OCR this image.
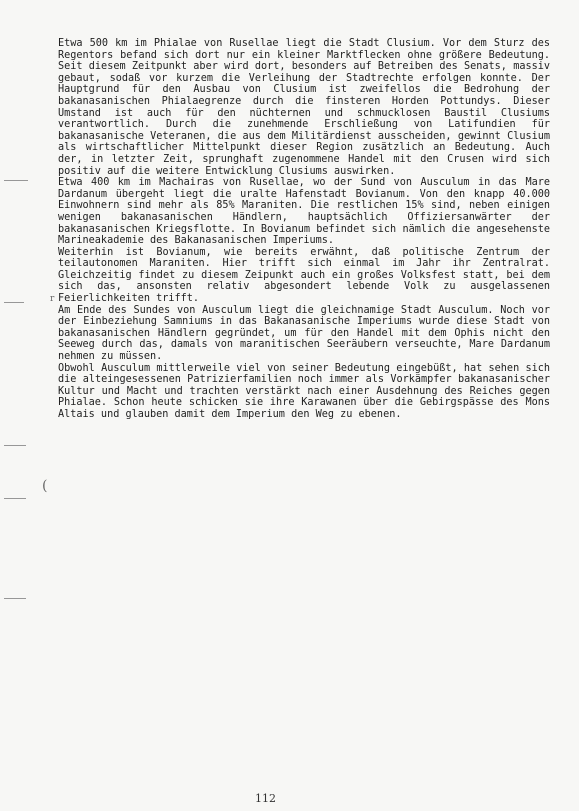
(
r

Etwa 500 km im Phialae von Rusellae liegt die Stadt Clusium. Vor dem Sturz des Regentors befand sich dort nur ein kleiner Marktflecken ohne größere Bedeutung. Seit diesem Zeitpunkt aber wird dort, besonders auf Betreiben des Senats, massiv gebaut, sodaß vor kurzem die Verleihung der Stadtrechte erfolgen konnte. Der Hauptgrund für den Ausbau von Clusium ist zweifellos die Bedrohung der bakanasanischen Phialaegrenze durch die finsteren Horden Pottundys. Dieser Umstand ist auch für den nüchternen und schmucklosen Baustil Clusiums verantwortlich. Durch die zunehmende Erschließung von Latifundien für bakanasanische Veteranen, die aus dem Militärdienst ausscheiden, gewinnt Clusium als wirtschaftlicher Mittelpunkt dieser Region zusätzlich an Bedeutung. Auch der, in letzter Zeit, sprunghaft zugenommene Handel mit den Crusen wird sich positiv auf die weitere Entwicklung Clusiums auswirken.

Etwa 400 km im Machairas von Rusellae, wo der Sund von Ausculum in das Mare Dardanum übergeht liegt die uralte Hafenstadt Bovianum. Von den knapp 40.000 Einwohnern sind mehr als 85% Maraniten. Die restlichen 15% sind, neben einigen wenigen bakanasanischen Händlern, hauptsächlich Offiziersanwärter der bakanasanischen Kriegsflotte. In Bovianum befindet sich nämlich die angesehenste Marineakademie des Bakanasanischen Imperiums.

Weiterhin ist Bovianum, wie bereits erwähnt, daß politische Zentrum der teilautonomen Maraniten. Hier trifft sich einmal im Jahr ihr Zentralrat. Gleichzeitig findet zu diesem Zeipunkt auch ein großes Volksfest statt, bei dem sich das, ansonsten relativ abgesondert lebende Volk zu ausgelassenen Feierlichkeiten trifft.

Am Ende des Sundes von Ausculum liegt die gleichnamige Stadt Ausculum. Noch vor der Einbeziehung Samniums in das Bakanasanische Imperiums wurde diese Stadt von bakanasanischen Händlern gegründet, um für den Handel mit dem Ophis nicht den Seeweg durch das, damals von maranitischen Seeräubern verseuchte, Mare Dardanum nehmen zu müssen.

Obwohl Ausculum mittlerweile viel von seiner Bedeutung eingebüßt, hat sehen sich die alteingesessenen Patrizierfamilien noch immer als Vorkämpfer bakanasanischer Kultur und Macht und trachten verstärkt nach einer Ausdehnung des Reiches gegen Phialae. Schon heute schicken sie ihre Karawanen über die Gebirgspässe des Mons Altais und glauben damit dem Imperium den Weg zu ebenen.

112
